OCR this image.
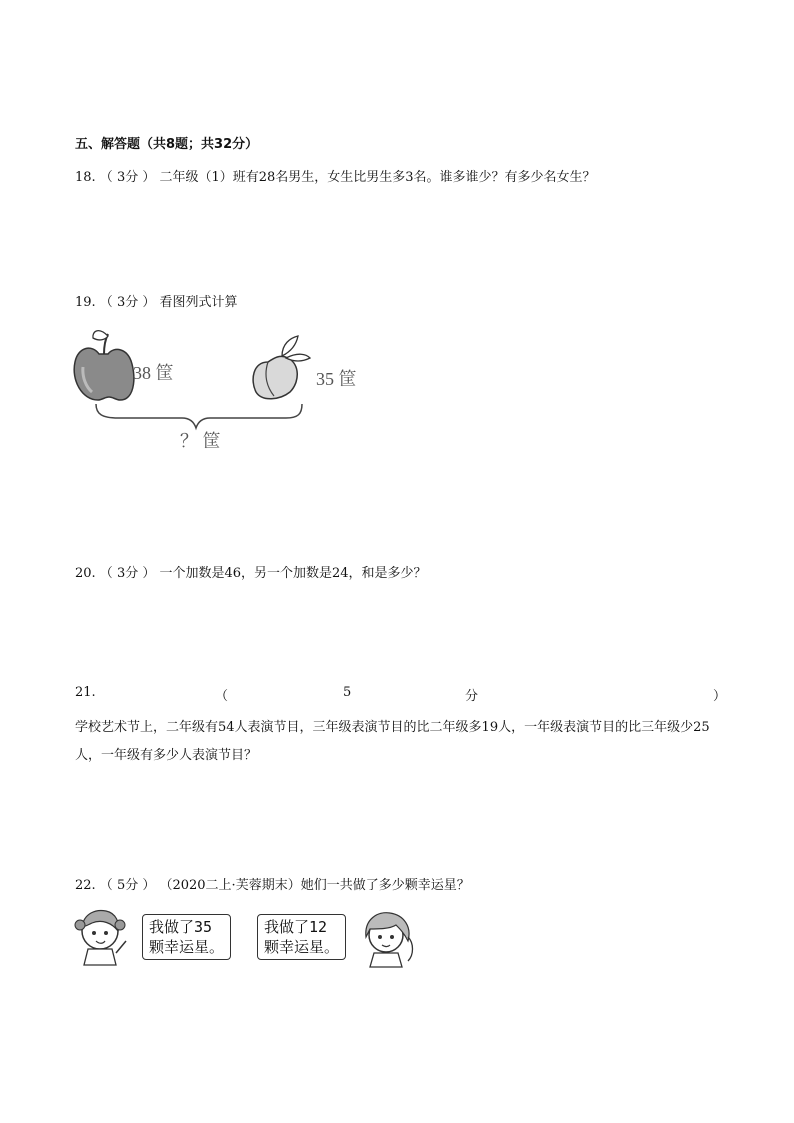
五、解答题（共8题；共32分）
18. （ 3分 ） 二年级（1）班有28名男生，女生比男生多3名。谁多谁少？有多少名女生？
19. （ 3分 ） 看图列式计算
38 筐	35 筐
？ 筐
20. （ 3分 ） 一个加数是46，另一个加数是24，和是多少？
21.	（	5	分	）
学校艺术节上，二年级有54人表演节目，三年级表演节目的比二年级多19人，一年级表演节目的比三年级少25人，一年级有多少人表演节目？
22. （ 5分 ） （2020二上·芙蓉期末）她们一共做了多少颗幸运星？
我做了35
颗幸运星。
我做了12
颗幸运星。
